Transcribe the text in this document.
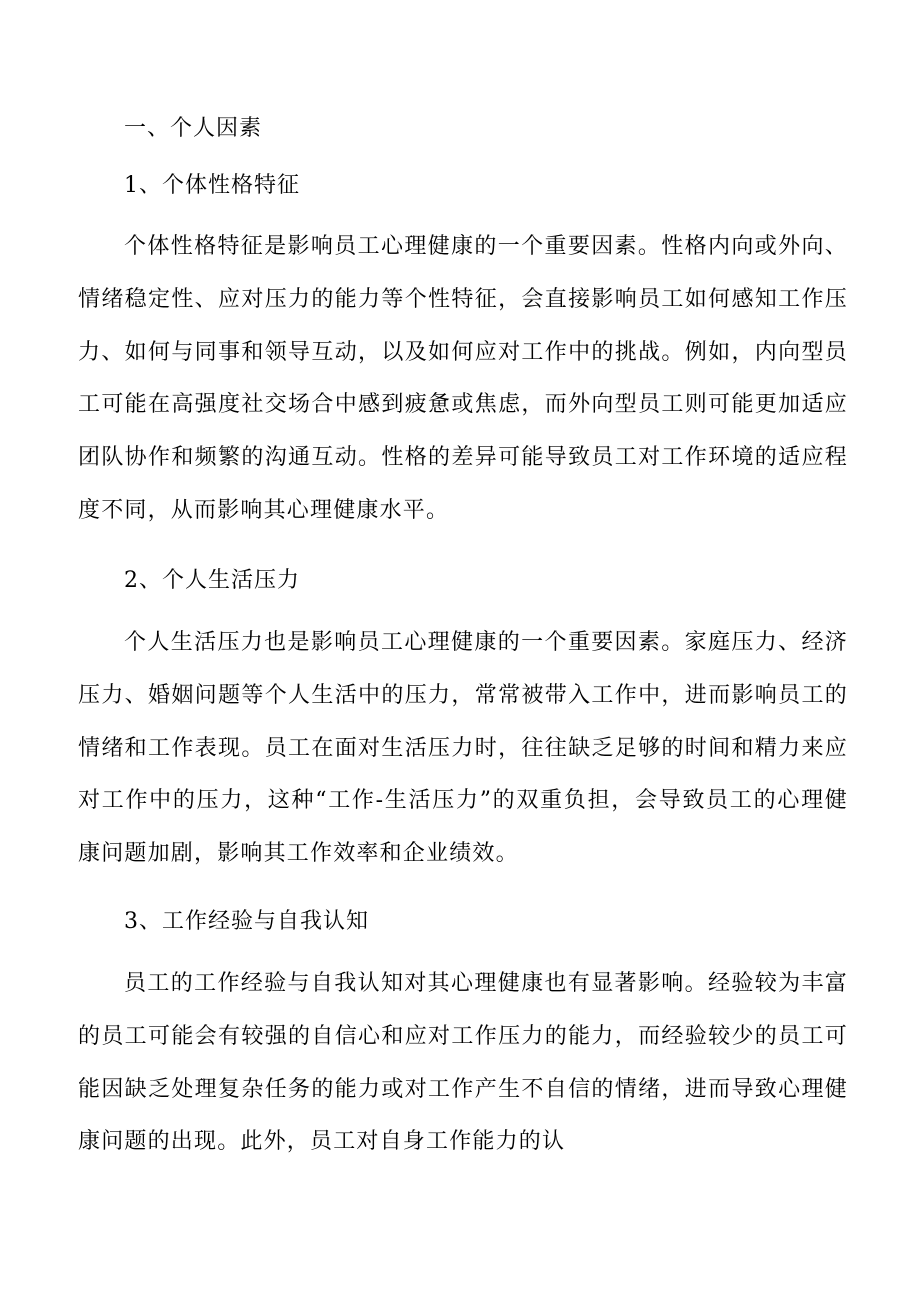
一、个人因素
1、个体性格特征

个体性格特征是影响员工心理健康的一个重要因素。性格内向或外向、情绪稳定性、应对压力的能力等个性特征，会直接影响员工如何感知工作压力、如何与同事和领导互动，以及如何应对工作中的挑战。例如，内向型员工可能在高强度社交场合中感到疲惫或焦虑，而外向型员工则可能更加适应团队协作和频繁的沟通互动。性格的差异可能导致员工对工作环境的适应程度不同，从而影响其心理健康水平。

2、个人生活压力

个人生活压力也是影响员工心理健康的一个重要因素。家庭压力、经济压力、婚姻问题等个人生活中的压力，常常被带入工作中，进而影响员工的情绪和工作表现。员工在面对生活压力时，往往缺乏足够的时间和精力来应对工作中的压力，这种“工作-生活压力”的双重负担，会导致员工的心理健康问题加剧，影响其工作效率和企业绩效。

3、工作经验与自我认知

员工的工作经验与自我认知对其心理健康也有显著影响。经验较为丰富的员工可能会有较强的自信心和应对工作压力的能力，而经验较少的员工可能因缺乏处理复杂任务的能力或对工作产生不自信的情绪，进而导致心理健康问题的出现。此外，员工对自身工作能力的认
